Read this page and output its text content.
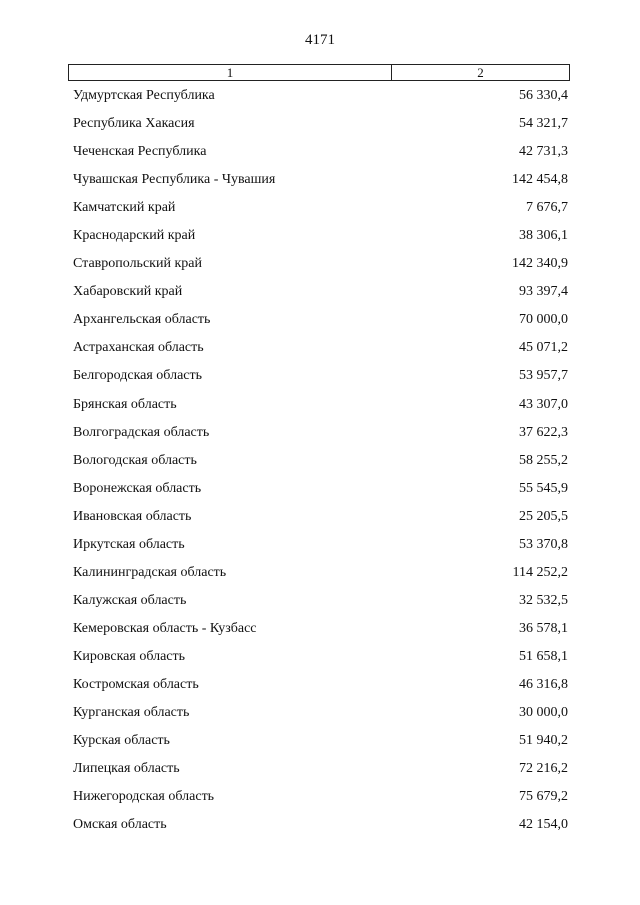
4171
1	2
Удмуртская Республика	56 330,4
Республика Хакасия	54 321,7
Чеченская Республика	42 731,3
Чувашская Республика - Чувашия	142 454,8
Камчатский край	7 676,7
Краснодарский край	38 306,1
Ставропольский край	142 340,9
Хабаровский край	93 397,4
Архангельская область	70 000,0
Астраханская область	45 071,2
Белгородская область	53 957,7
Брянская область	43 307,0
Волгоградская область	37 622,3
Вологодская область	58 255,2
Воронежская область	55 545,9
Ивановская область	25 205,5
Иркутская область	53 370,8
Калининградская область	114 252,2
Калужская область	32 532,5
Кемеровская область - Кузбасс	36 578,1
Кировская область	51 658,1
Костромская область	46 316,8
Курганская область	30 000,0
Курская область	51 940,2
Липецкая область	72 216,2
Нижегородская область	75 679,2
Омская область	42 154,0
